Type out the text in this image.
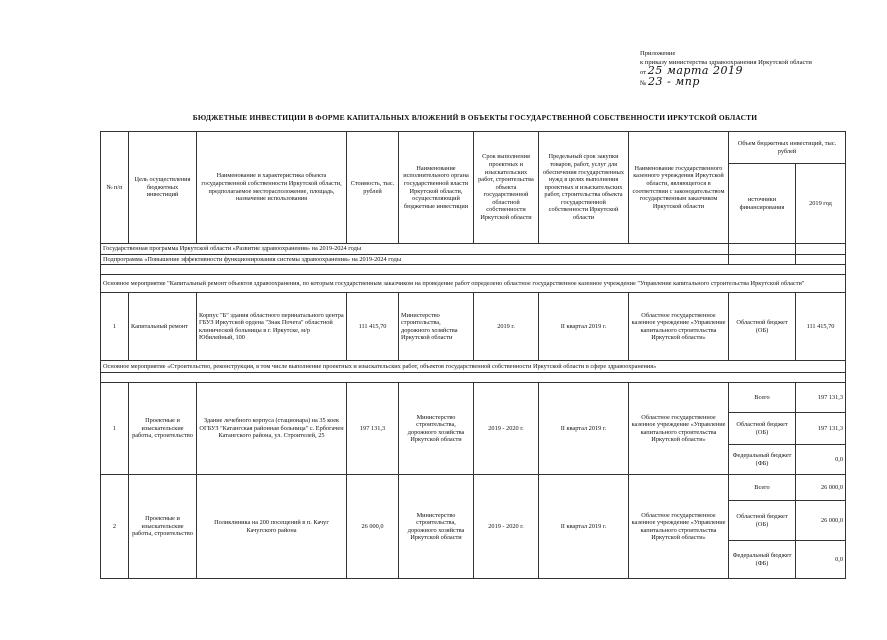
Приложение
к приказу министерства здравоохранения Иркутской области
от 25 марта 2019
№ 23 - мпр
БЮДЖЕТНЫЕ ИНВЕСТИЦИИ В ФОРМЕ КАПИТАЛЬНЫХ ВЛОЖЕНИЙ В ОБЪЕКТЫ ГОСУДАРСТВЕННОЙ СОБСТВЕННОСТИ ИРКУТСКОЙ ОБЛАСТИ
№ п/п	Цель осуществления бюджетных инвестиций	Наименование и характеристика объекта государственной собственности Иркутской области, предполагаемое месторасположение, площадь, назначение использования	Стоимость, тыс. рублей	Наименование исполнительного органа государственной власти Иркутской области, осуществляющий бюджетные инвестиции	Срок выполнения проектных и изыскательских работ, строительства объекта государственной областной собственности Иркутской области	Предельный срок закупки товаров, работ, услуг для обеспечения государственных нужд в целях выполнения проектных и изыскательских работ, строительства объекта государственной собственности Иркутской области	Наименование государственного казенного учреждения Иркутской области, являющегося в соответствии с законодательством государственным заказчиком Иркутской области	Объем бюджетных инвестиций, тыс. рублей	
								источники финансирования	2019 год
Государственная программа Иркутской области «Развитие здравоохранения» на 2019-2024 годы									
Подпрограмма «Повышение эффективности функционирования системы здравоохранения» на 2019-2024 годы									

Основное мероприятие "Капитальный ремонт объектов здравоохранения, по которым государственным заказчиком на проведение работ определено областное государственное казенное учреждение "Управление капитального строительства Иркутской области"									
1	Капитальный ремонт	Корпус "Б" здания областного перинатального центра ГБУЗ Иркутской ордена "Знак Почета" областной клинической больницы в г. Иркутске, м/р Юбилейный, 100	111 415,70	Министерство строительства, дорожного хозяйства Иркутской области	2019 г.	II квартал 2019 г.	Областное государственное казенное учреждение «Управление капитального строительства Иркутской области»	Областной бюджет (ОБ)	111 415,70
Основное мероприятие «Строительство, реконструкция, в том числе выполнение проектных и изыскательских работ, объектов государственной собственности Иркутской области в сфере здравоохранения»									

1	Проектные и изыскательские работы, строительство	Здание лечебного корпуса (стационара) на 35 коек ОГБУЗ "Катангская районная больница" с. Ербогачен Катангского района, ул. Строителей, 25	197 131,3	Министерство строительства, дорожного хозяйства Иркутской области	2019 - 2020 г.	II квартал 2019 г.	Областное государственное казенное учреждение «Управление капитального строительства Иркутской области»	Всего	197 131,3
								Областной бюджет (ОБ)	197 131,3
								Федеральный бюджет (ФБ)	0,0
2	Проектные и изыскательские работы, строительство	Поликлиника на 200 посещений в п. Качуг Качугского района	26 000,0	Министерство строительства, дорожного хозяйства Иркутской области	2019 - 2020 г.	II квартал 2019 г.	Областное государственное казенное учреждение «Управление капитального строительства Иркутской области»	Всего	26 000,0
								Областной бюджет (ОБ)	26 000,0
								Федеральный бюджет (ФБ)	0,0
